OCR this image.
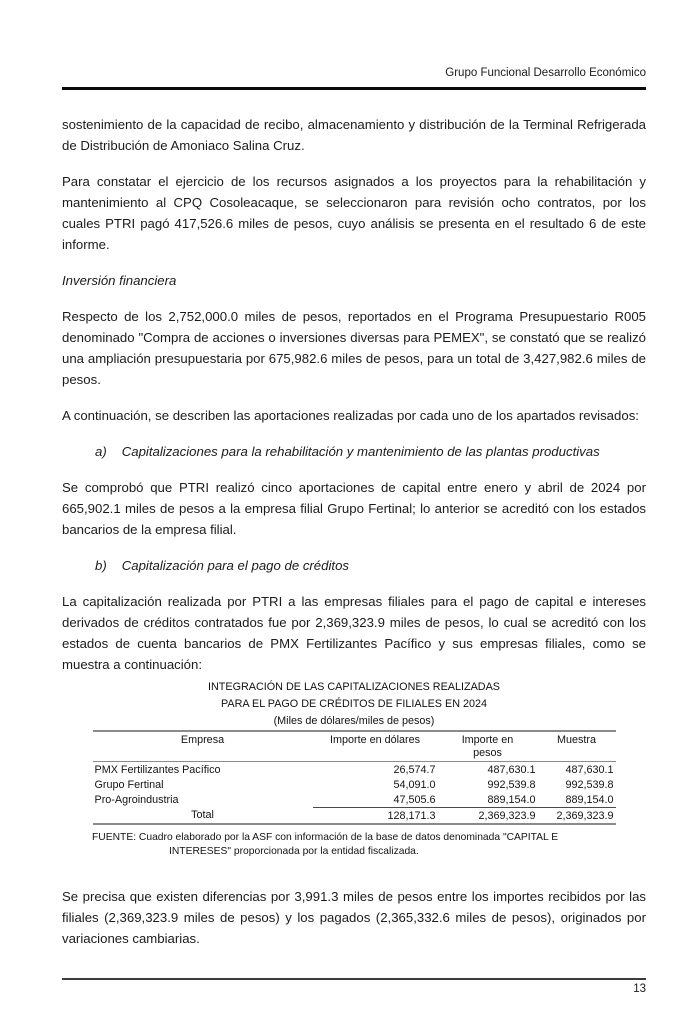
Grupo Funcional Desarrollo Económico

sostenimiento de la capacidad de recibo, almacenamiento y distribución de la Terminal Refrigerada de Distribución de Amoniaco Salina Cruz.

Para constatar el ejercicio de los recursos asignados a los proyectos para la rehabilitación y mantenimiento al CPQ Cosoleacaque, se seleccionaron para revisión ocho contratos, por los cuales PTRI pagó 417,526.6 miles de pesos, cuyo análisis se presenta en el resultado 6 de este informe.

Inversión financiera

Respecto de los 2,752,000.0 miles de pesos, reportados en el Programa Presupuestario R005 denominado "Compra de acciones o inversiones diversas para PEMEX", se constató que se realizó una ampliación presupuestaria por 675,982.6 miles de pesos, para un total de 3,427,982.6 miles de pesos.

A continuación, se describen las aportaciones realizadas por cada uno de los apartados revisados:

a) Capitalizaciones para la rehabilitación y mantenimiento de las plantas productivas

Se comprobó que PTRI realizó cinco aportaciones de capital entre enero y abril de 2024 por 665,902.1 miles de pesos a la empresa filial Grupo Fertinal; lo anterior se acreditó con los estados bancarios de la empresa filial.

b) Capitalización para el pago de créditos

La capitalización realizada por PTRI a las empresas filiales para el pago de capital e intereses derivados de créditos contratados fue por 2,369,323.9 miles de pesos, lo cual se acreditó con los estados de cuenta bancarios de PMX Fertilizantes Pacífico y sus empresas filiales, como se muestra a continuación:

INTEGRACIÓN DE LAS CAPITALIZACIONES REALIZADAS
PARA EL PAGO DE CRÉDITOS DE FILIALES EN 2024
(Miles de dólares/miles de pesos)
Empresa	Importe en dólares	Importe en pesos	Muestra
PMX Fertilizantes Pacífico	26,574.7	487,630.1	487,630.1
Grupo Fertinal	54,091.0	992,539.8	992,539.8
Pro-Agroindustria	47,505.6	889,154.0	889,154.0
Total	128,171.3	2,369,323.9	2,369,323.9

FUENTE: Cuadro elaborado por la ASF con información de la base de datos denominada "CAPITAL E INTERESES" proporcionada por la entidad fiscalizada.

Se precisa que existen diferencias por 3,991.3 miles de pesos entre los importes recibidos por las filiales (2,369,323.9 miles de pesos) y los pagados (2,365,332.6 miles de pesos), originados por variaciones cambiarias.

13
